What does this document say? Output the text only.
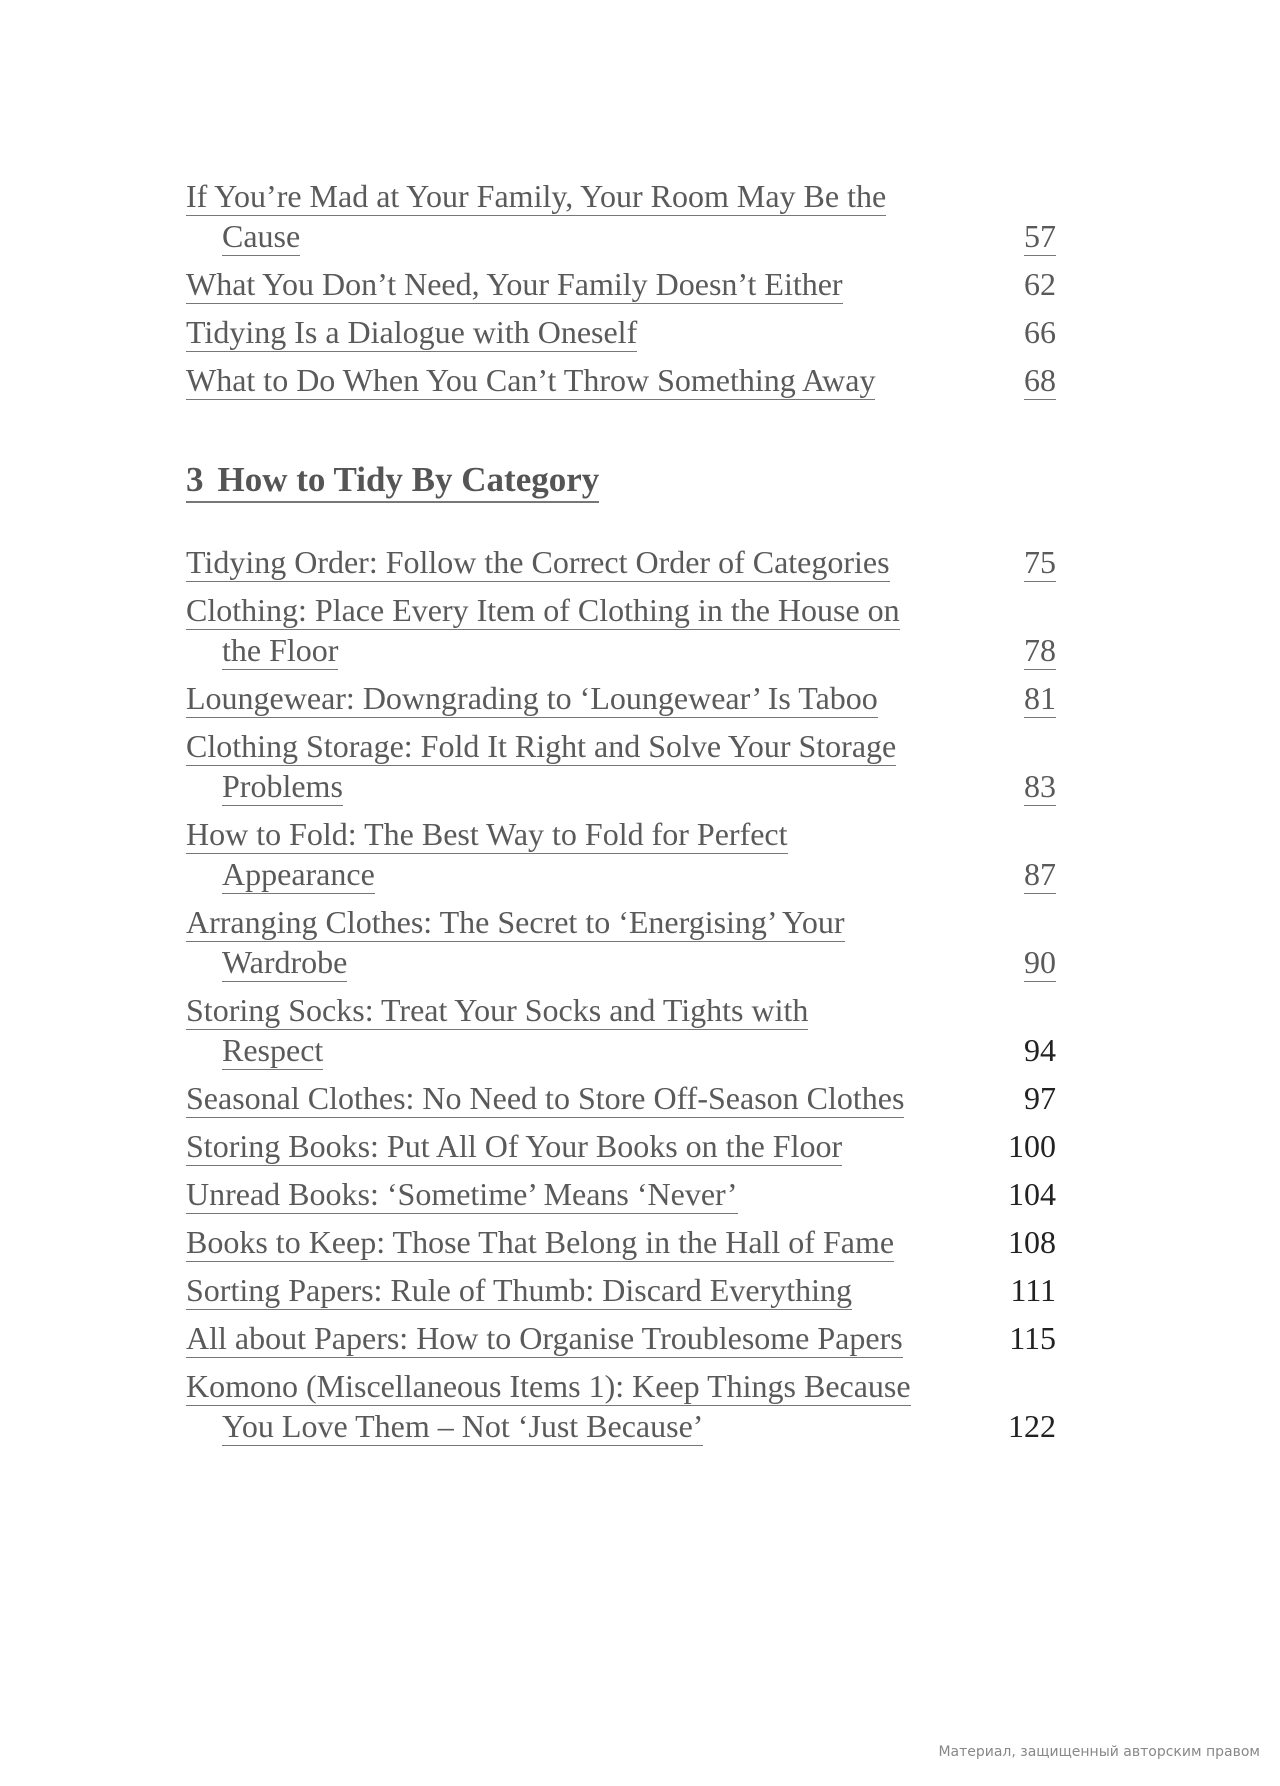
If You’re Mad at Your Family, Your Room May Be the
Cause	57
What You Don’t Need, Your Family Doesn’t Either	62
Tidying Is a Dialogue with Oneself	66
What to Do When You Can’t Throw Something Away	68
3 How to Tidy By Category
Tidying Order: Follow the Correct Order of Categories	75
Clothing: Place Every Item of Clothing in the House on
the Floor	78
Loungewear: Downgrading to ‘Loungewear’ Is Taboo	81
Clothing Storage: Fold It Right and Solve Your Storage
Problems	83
How to Fold: The Best Way to Fold for Perfect
Appearance	87
Arranging Clothes: The Secret to ‘Energising’ Your
Wardrobe	90
Storing Socks: Treat Your Socks and Tights with
Respect	94
Seasonal Clothes: No Need to Store Off-Season Clothes	97
Storing Books: Put All Of Your Books on the Floor	100
Unread Books: ‘Sometime’ Means ‘Never’	104
Books to Keep: Those That Belong in the Hall of Fame	108
Sorting Papers: Rule of Thumb: Discard Everything	111
All about Papers: How to Organise Troublesome Papers	115
Komono (Miscellaneous Items 1): Keep Things Because
You Love Them – Not ‘Just Because’	122
Материал, защищенный авторским правом
